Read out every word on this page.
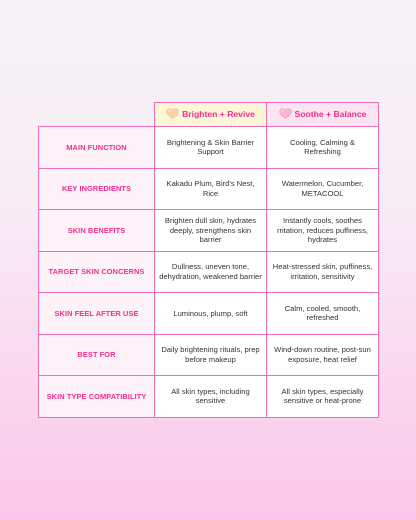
	Brighten + Revive	Soothe + Balance

MAIN FUNCTION	Brightening & Skin Barrier Support	Cooling, Calming & Refreshing
KEY INGREDIENTS	Kakadu Plum, Bird's Nest, Rice	Watermelon, Cucumber, METACOOL
SKIN BENEFITS	Brighten dull skin, hydrates deeply, strengthens skin barrier	Instantly cools, soothes rritation, reduces puffiness, hydrates
TARGET SKIN CONCERNS	Dullness, uneven tone, dehydration, weakened barrier	Heat-stressed skin, puffiness, irritation, sensitivity
SKIN FEEL AFTER USE	Luminous, plump, soft	Calm, cooled, smooth, refreshed
BEST FOR	Daily brightening rituals, prep before makeup	Wind-down routine, post-sun exposure, heat relief
SKIN TYPE COMPATIBILITY	All skin types, including sensitive	All skin types, especially sensitive or heat-prone
